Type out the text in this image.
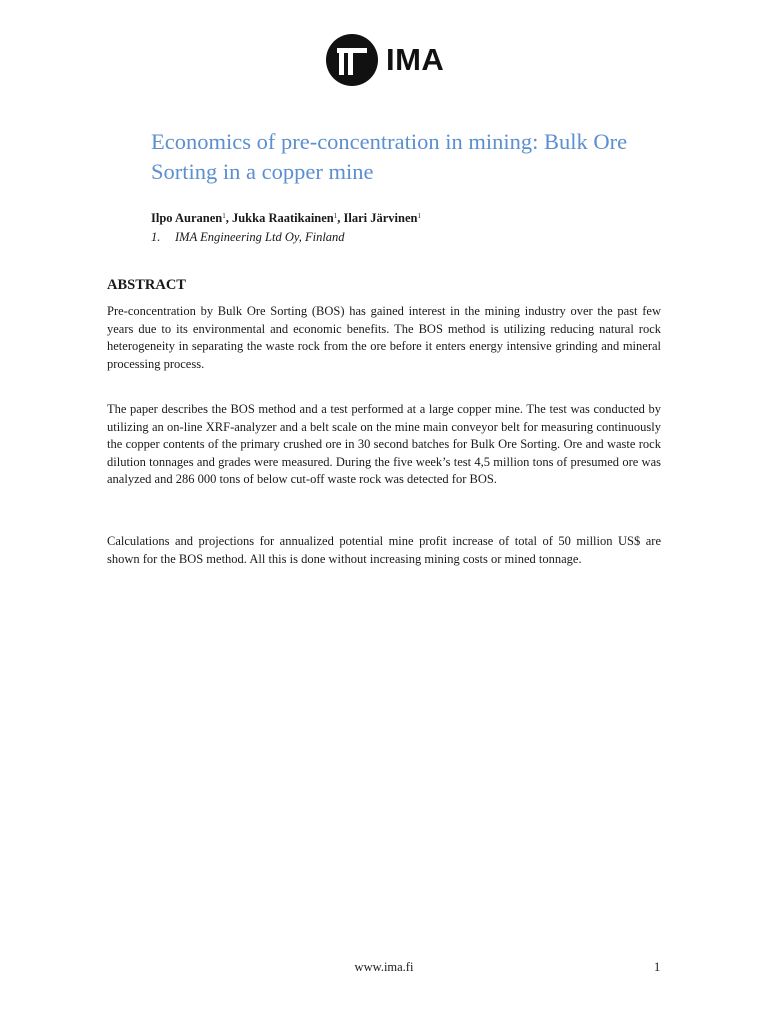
IMA
Economics of pre-concentration in mining: Bulk Ore Sorting in a copper mine

Ilpo Auranen$^1$, Jukka Raatikainen$^1$, Ilari Järvinen$^1$

1. IMA Engineering Ltd Oy, Finland

ABSTRACT

Pre-concentration by Bulk Ore Sorting (BOS) has gained interest in the mining industry over the past few years due to its environmental and economic benefits. The BOS method is utilizing reducing natural rock heterogeneity in separating the waste rock from the ore before it enters energy intensive grinding and mineral processing process.

The paper describes the BOS method and a test performed at a large copper mine. The test was conducted by utilizing an on-line XRF-analyzer and a belt scale on the mine main conveyor belt for measuring continuously the copper contents of the primary crushed ore in 30 second batches for Bulk Ore Sorting. Ore and waste rock dilution tonnages and grades were measured. During the five week’s test 4,5 million tons of presumed ore was analyzed and 286 000 tons of below cut-off waste rock was detected for BOS.

Calculations and projections for annualized potential mine profit increase of total of 50 million US$ are shown for the BOS method. All this is done without increasing mining costs or mined tonnage.

www.ima.fi	1
